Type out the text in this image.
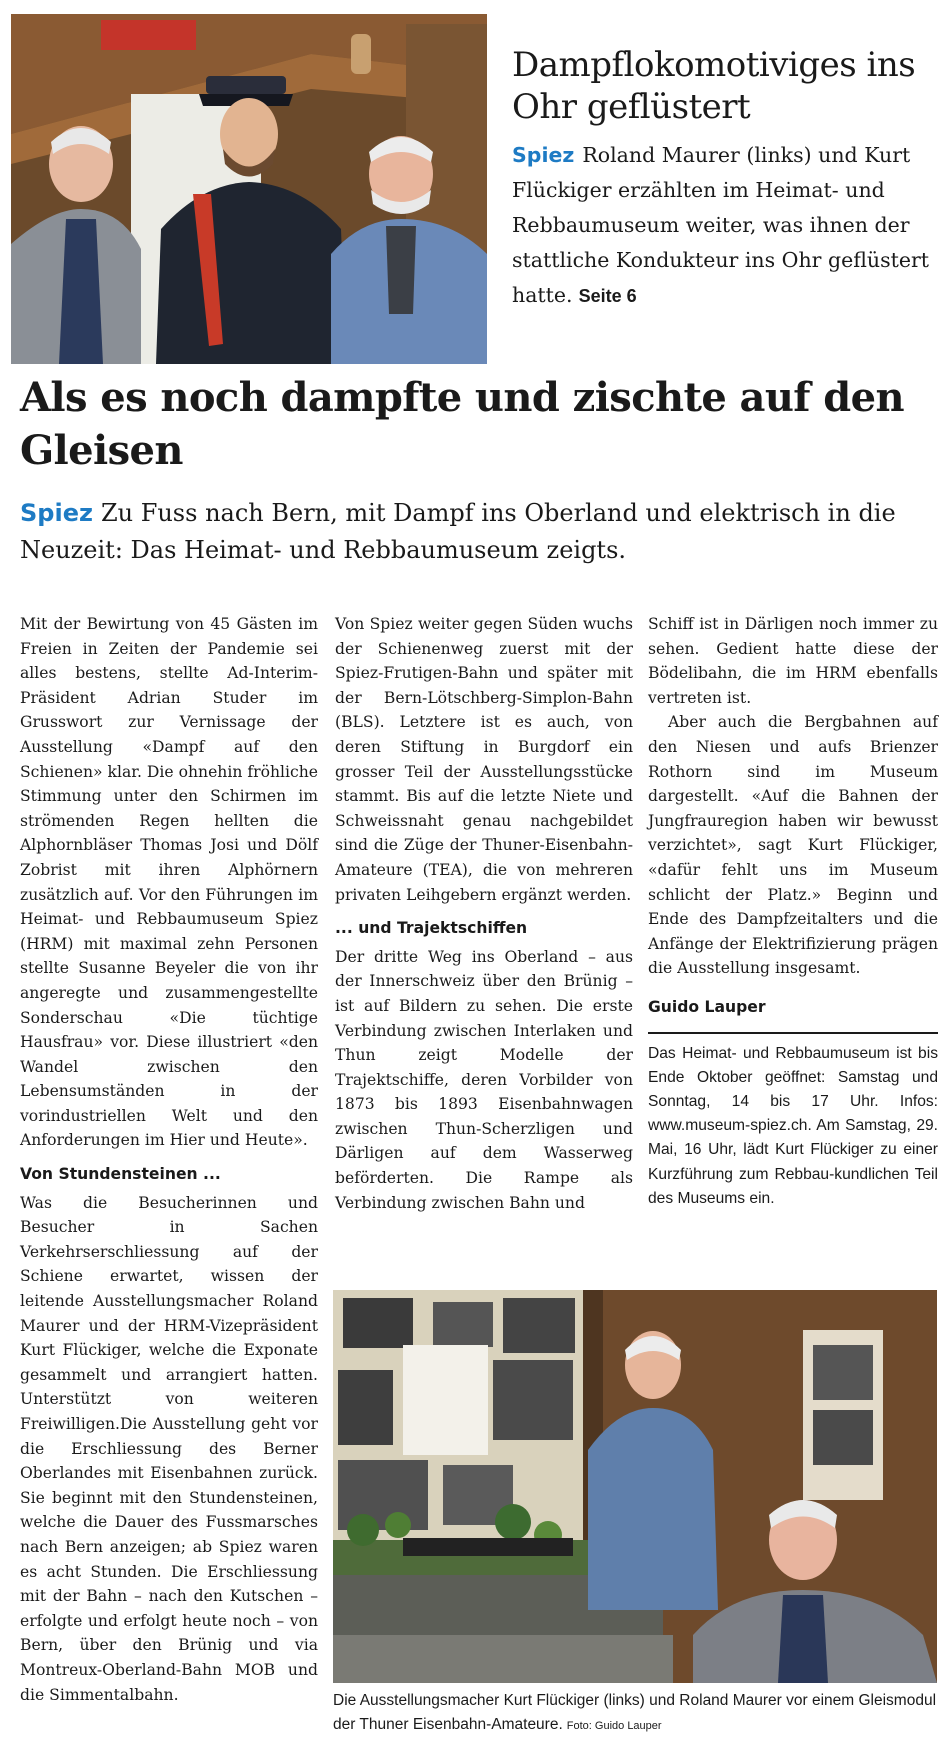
Dampflokomotiviges ins Ohr geflüstert

Spiez Roland Maurer (links) und Kurt Flückiger erzählten im Heimat- und Rebbaumuseum weiter, was ihnen der stattliche Kondukteur ins Ohr geflüstert hatte. Seite 6

Als es noch dampfte und zischte auf den Gleisen

Spiez Zu Fuss nach Bern, mit Dampf ins Oberland und elektrisch in die Neuzeit: Das Heimat- und Rebbaumuseum zeigts.

Mit der Bewirtung von 45 Gästen im Freien in Zeiten der Pandemie sei alles bestens, stellte Ad-Interim-Präsident Adrian Studer im Grusswort zur Vernissage der Ausstellung «Dampf auf den Schienen» klar. Die ohnehin fröhliche Stimmung unter den Schirmen im strömenden Regen hellten die Alphornbläser Thomas Josi und Dölf Zobrist mit ihren Alphörnern zusätzlich auf. Vor den Führungen im Heimat- und Rebbaumuseum Spiez (HRM) mit maximal zehn Personen stellte Susanne Beyeler die von ihr angeregte und zusammengestellte Sonderschau «Die tüchtige Hausfrau» vor. Diese illustriert «den Wandel zwischen den Lebensumständen in der vorindustriellen Welt und den Anforderungen im Hier und Heute».

Von Stundensteinen ...

Was die Besucherinnen und Besucher in Sachen Verkehrserschliessung auf der Schiene erwartet, wissen der leitende Ausstellungsmacher Roland Maurer und der HRM-Vizepräsident Kurt Flückiger, welche die Exponate gesammelt und arrangiert hatten. Unterstützt von weiteren Freiwilligen.Die Ausstellung geht vor die Erschliessung des Berner Oberlandes mit Eisenbahnen zurück. Sie beginnt mit den Stundensteinen, welche die Dauer des Fussmarsches nach Bern anzeigen; ab Spiez waren es acht Stunden. Die Erschliessung mit der Bahn – nach den Kutschen – erfolgte und erfolgt heute noch – von Bern, über den Brünig und via Montreux-Oberland-Bahn MOB und die Simmentalbahn.

Von Spiez weiter gegen Süden wuchs der Schienenweg zuerst mit der Spiez-Frutigen-Bahn und später mit der Bern-Lötschberg-Simplon-Bahn (BLS). Letztere ist es auch, von deren Stiftung in Burgdorf ein grosser Teil der Ausstellungsstücke stammt. Bis auf die letzte Niete und Schweissnaht genau nachgebildet sind die Züge der Thuner-Eisenbahn-Amateure (TEA), die von mehreren privaten Leihgebern ergänzt werden.

... und Trajektschiffen

Der dritte Weg ins Oberland – aus der Innerschweiz über den Brünig – ist auf Bildern zu sehen. Die erste Verbindung zwischen Interlaken und Thun zeigt Modelle der Trajektschiffe, deren Vorbilder von 1873 bis 1893 Eisenbahnwagen zwischen Thun-Scherzligen und Därligen auf dem Wasserweg beförderten. Die Rampe als Verbindung zwischen Bahn und

Schiff ist in Därligen noch immer zu sehen. Gedient hatte diese der Bödelibahn, die im HRM ebenfalls vertreten ist.

Aber auch die Bergbahnen auf den Niesen und aufs Brienzer Rothorn sind im Museum dargestellt. «Auf die Bahnen der Jungfrauregion haben wir bewusst verzichtet», sagt Kurt Flückiger, «dafür fehlt uns im Museum schlicht der Platz.» Beginn und Ende des Dampfzeitalters und die Anfänge der Elektrifizierung prägen die Ausstellung insgesamt.

Guido Lauper

Das Heimat- und Rebbaumuseum ist bis Ende Oktober geöffnet: Samstag und Sonntag, 14 bis 17 Uhr. Infos: www.museum-spiez.ch. Am Samstag, 29. Mai, 16 Uhr, lädt Kurt Flückiger zu einer Kurzführung zum Rebbau-kundlichen Teil des Museums ein.

Die Ausstellungsmacher Kurt Flückiger (links) und Roland Maurer vor einem Gleismodul der Thuner Eisenbahn-Amateure. Foto: Guido Lauper
